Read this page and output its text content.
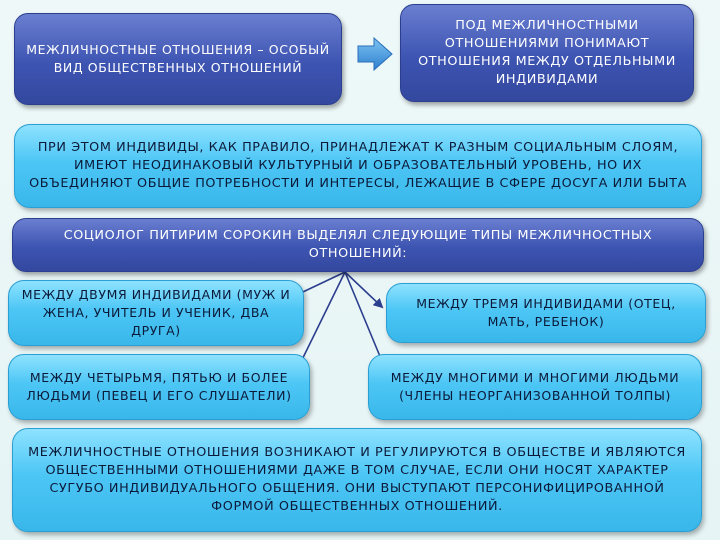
МЕЖЛИЧНОСТНЫЕ ОТНОШЕНИЯ – ОСОБЫЙ ВИД ОБЩЕСТВЕННЫХ ОТНОШЕНИЙ
ПОД МЕЖЛИЧНОСТНЫМИ ОТНОШЕНИЯМИ ПОНИМАЮТ ОТНОШЕНИЯ МЕЖДУ ОТДЕЛЬНЫМИ ИНДИВИДАМИ
ПРИ ЭТОМ ИНДИВИДЫ, КАК ПРАВИЛО, ПРИНАДЛЕЖАТ К РАЗНЫМ СОЦИАЛЬНЫМ СЛОЯМ, ИМЕЮТ НЕОДИНАКОВЫЙ КУЛЬТУРНЫЙ И ОБРАЗОВАТЕЛЬНЫЙ УРОВЕНЬ, НО ИХ ОБЪЕДИНЯЮТ ОБЩИЕ ПОТРЕБНОСТИ И ИНТЕРЕСЫ, ЛЕЖАЩИЕ В СФЕРЕ ДОСУГА ИЛИ БЫТА
СОЦИОЛОГ ПИТИРИМ СОРОКИН ВЫДЕЛЯЛ СЛЕДУЮЩИЕ ТИПЫ МЕЖЛИЧНОСТНЫХ ОТНОШЕНИЙ:
МЕЖДУ ДВУМЯ ИНДИВИДАМИ (МУЖ И ЖЕНА, УЧИТЕЛЬ И УЧЕНИК, ДВА ДРУГА)
МЕЖДУ ТРЕМЯ ИНДИВИДАМИ (ОТЕЦ, МАТЬ, РЕБЕНОК)
МЕЖДУ ЧЕТЫРЬМЯ, ПЯТЬЮ И БОЛЕЕ ЛЮДЬМИ (ПЕВЕЦ И ЕГО СЛУШАТЕЛИ)
МЕЖДУ МНОГИМИ И МНОГИМИ ЛЮДЬМИ (ЧЛЕНЫ НЕОРГАНИЗОВАННОЙ ТОЛПЫ)
МЕЖЛИЧНОСТНЫЕ ОТНОШЕНИЯ ВОЗНИКАЮТ И РЕГУЛИРУЮТСЯ В ОБЩЕСТВЕ И ЯВЛЯЮТСЯ ОБЩЕСТВЕННЫМИ ОТНОШЕНИЯМИ ДАЖЕ В ТОМ СЛУЧАЕ, ЕСЛИ ОНИ НОСЯТ ХАРАКТЕР СУГУБО ИНДИВИДУАЛЬНОГО ОБЩЕНИЯ. ОНИ ВЫСТУПАЮТ ПЕРСОНИФИЦИРОВАННОЙ ФОРМОЙ ОБЩЕСТВЕННЫХ ОТНОШЕНИЙ.
